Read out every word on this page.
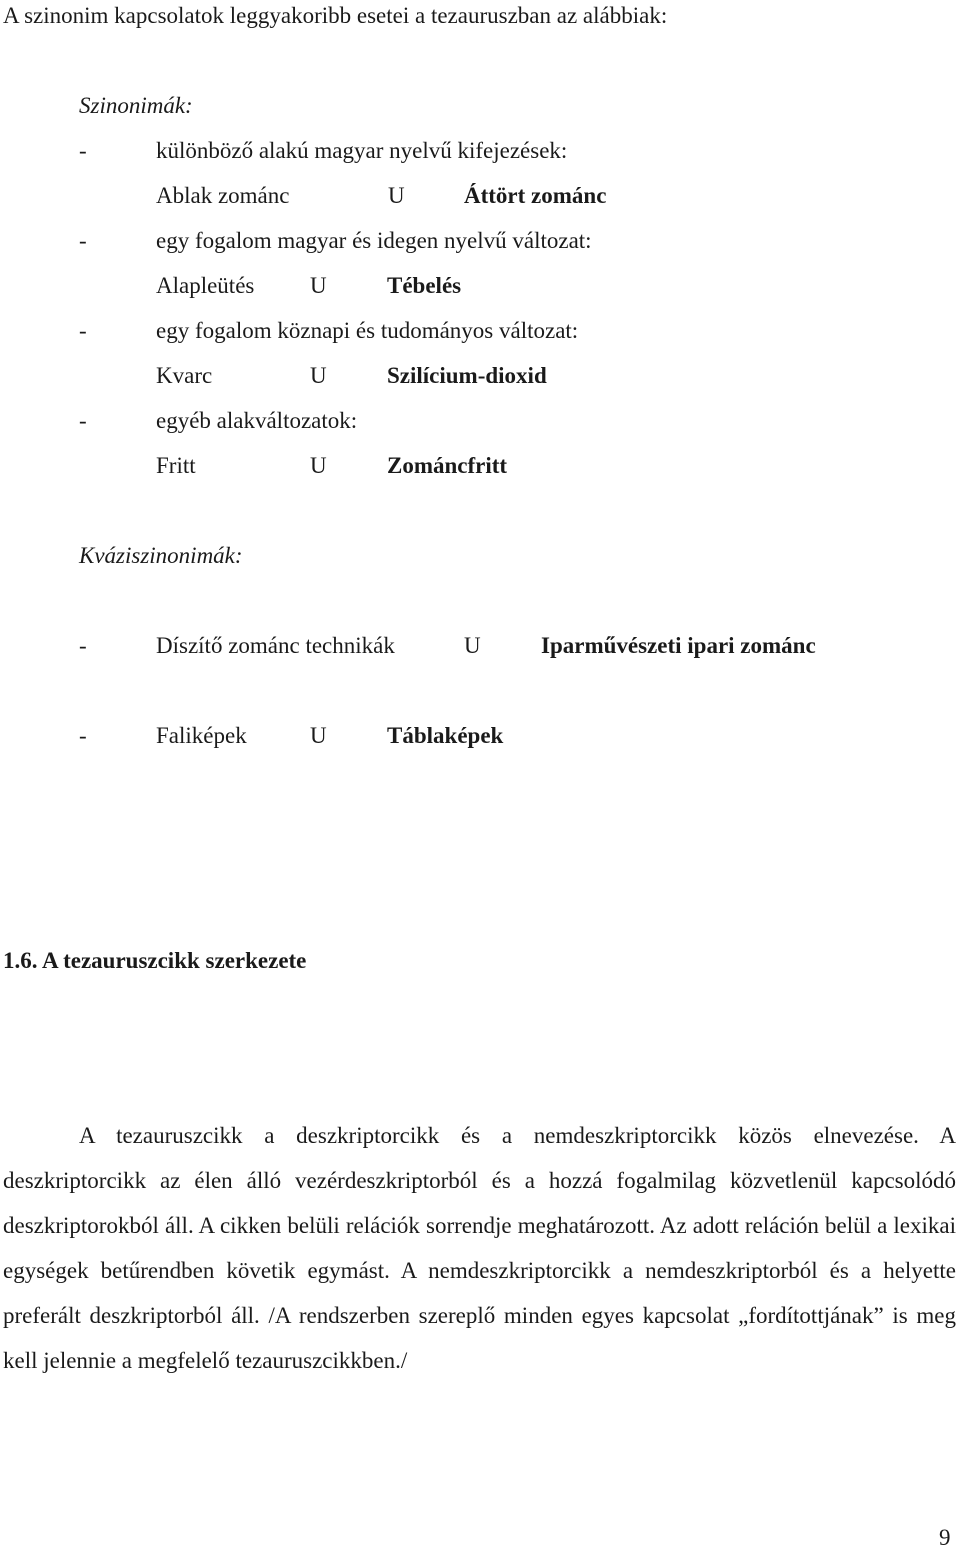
A szinonim kapcsolatok leggyakoribb esetei a tezauruszban az alábbiak:
Szinonimák:
-	különböző alakú magyar nyelvű kifejezések:
Ablak zománc	U	Áttört zománc
-	egy fogalom magyar és idegen nyelvű változat:
Alapleütés U	Tébelés
-	egy fogalom köznapi és tudományos változat:
Kvarc	U	Szilícium-dioxid
-	egyéb alakváltozatok:
Fritt	U	Zománcfritt
Kváziszinonimák:
-	Díszítő zománc technikák	U	Iparművészeti ipari zománc
-	Faliképek	U	Táblaképek
1.6. A tezauruszcikk szerkezete
A tezauruszcikk a deszkriptorcikk és a nemdeszkriptorcikk közös elnevezése. A deszkriptorcikk az élen álló vezérdeszkriptorból és a hozzá fogalmilag közvetlenül kapcsolódó deszkriptorokból áll. A cikken belüli relációk sorrendje meghatározott. Az adott reláción belül a lexikai egységek betűrendben követik egymást. A nemdeszkriptorcikk a nemdeszkriptorból és a helyette preferált deszkriptorból áll. /A rendszerben szereplő minden egyes kapcsolat „fordítottjának” is meg kell jelennie a megfelelő tezauruszcikkben./
9
